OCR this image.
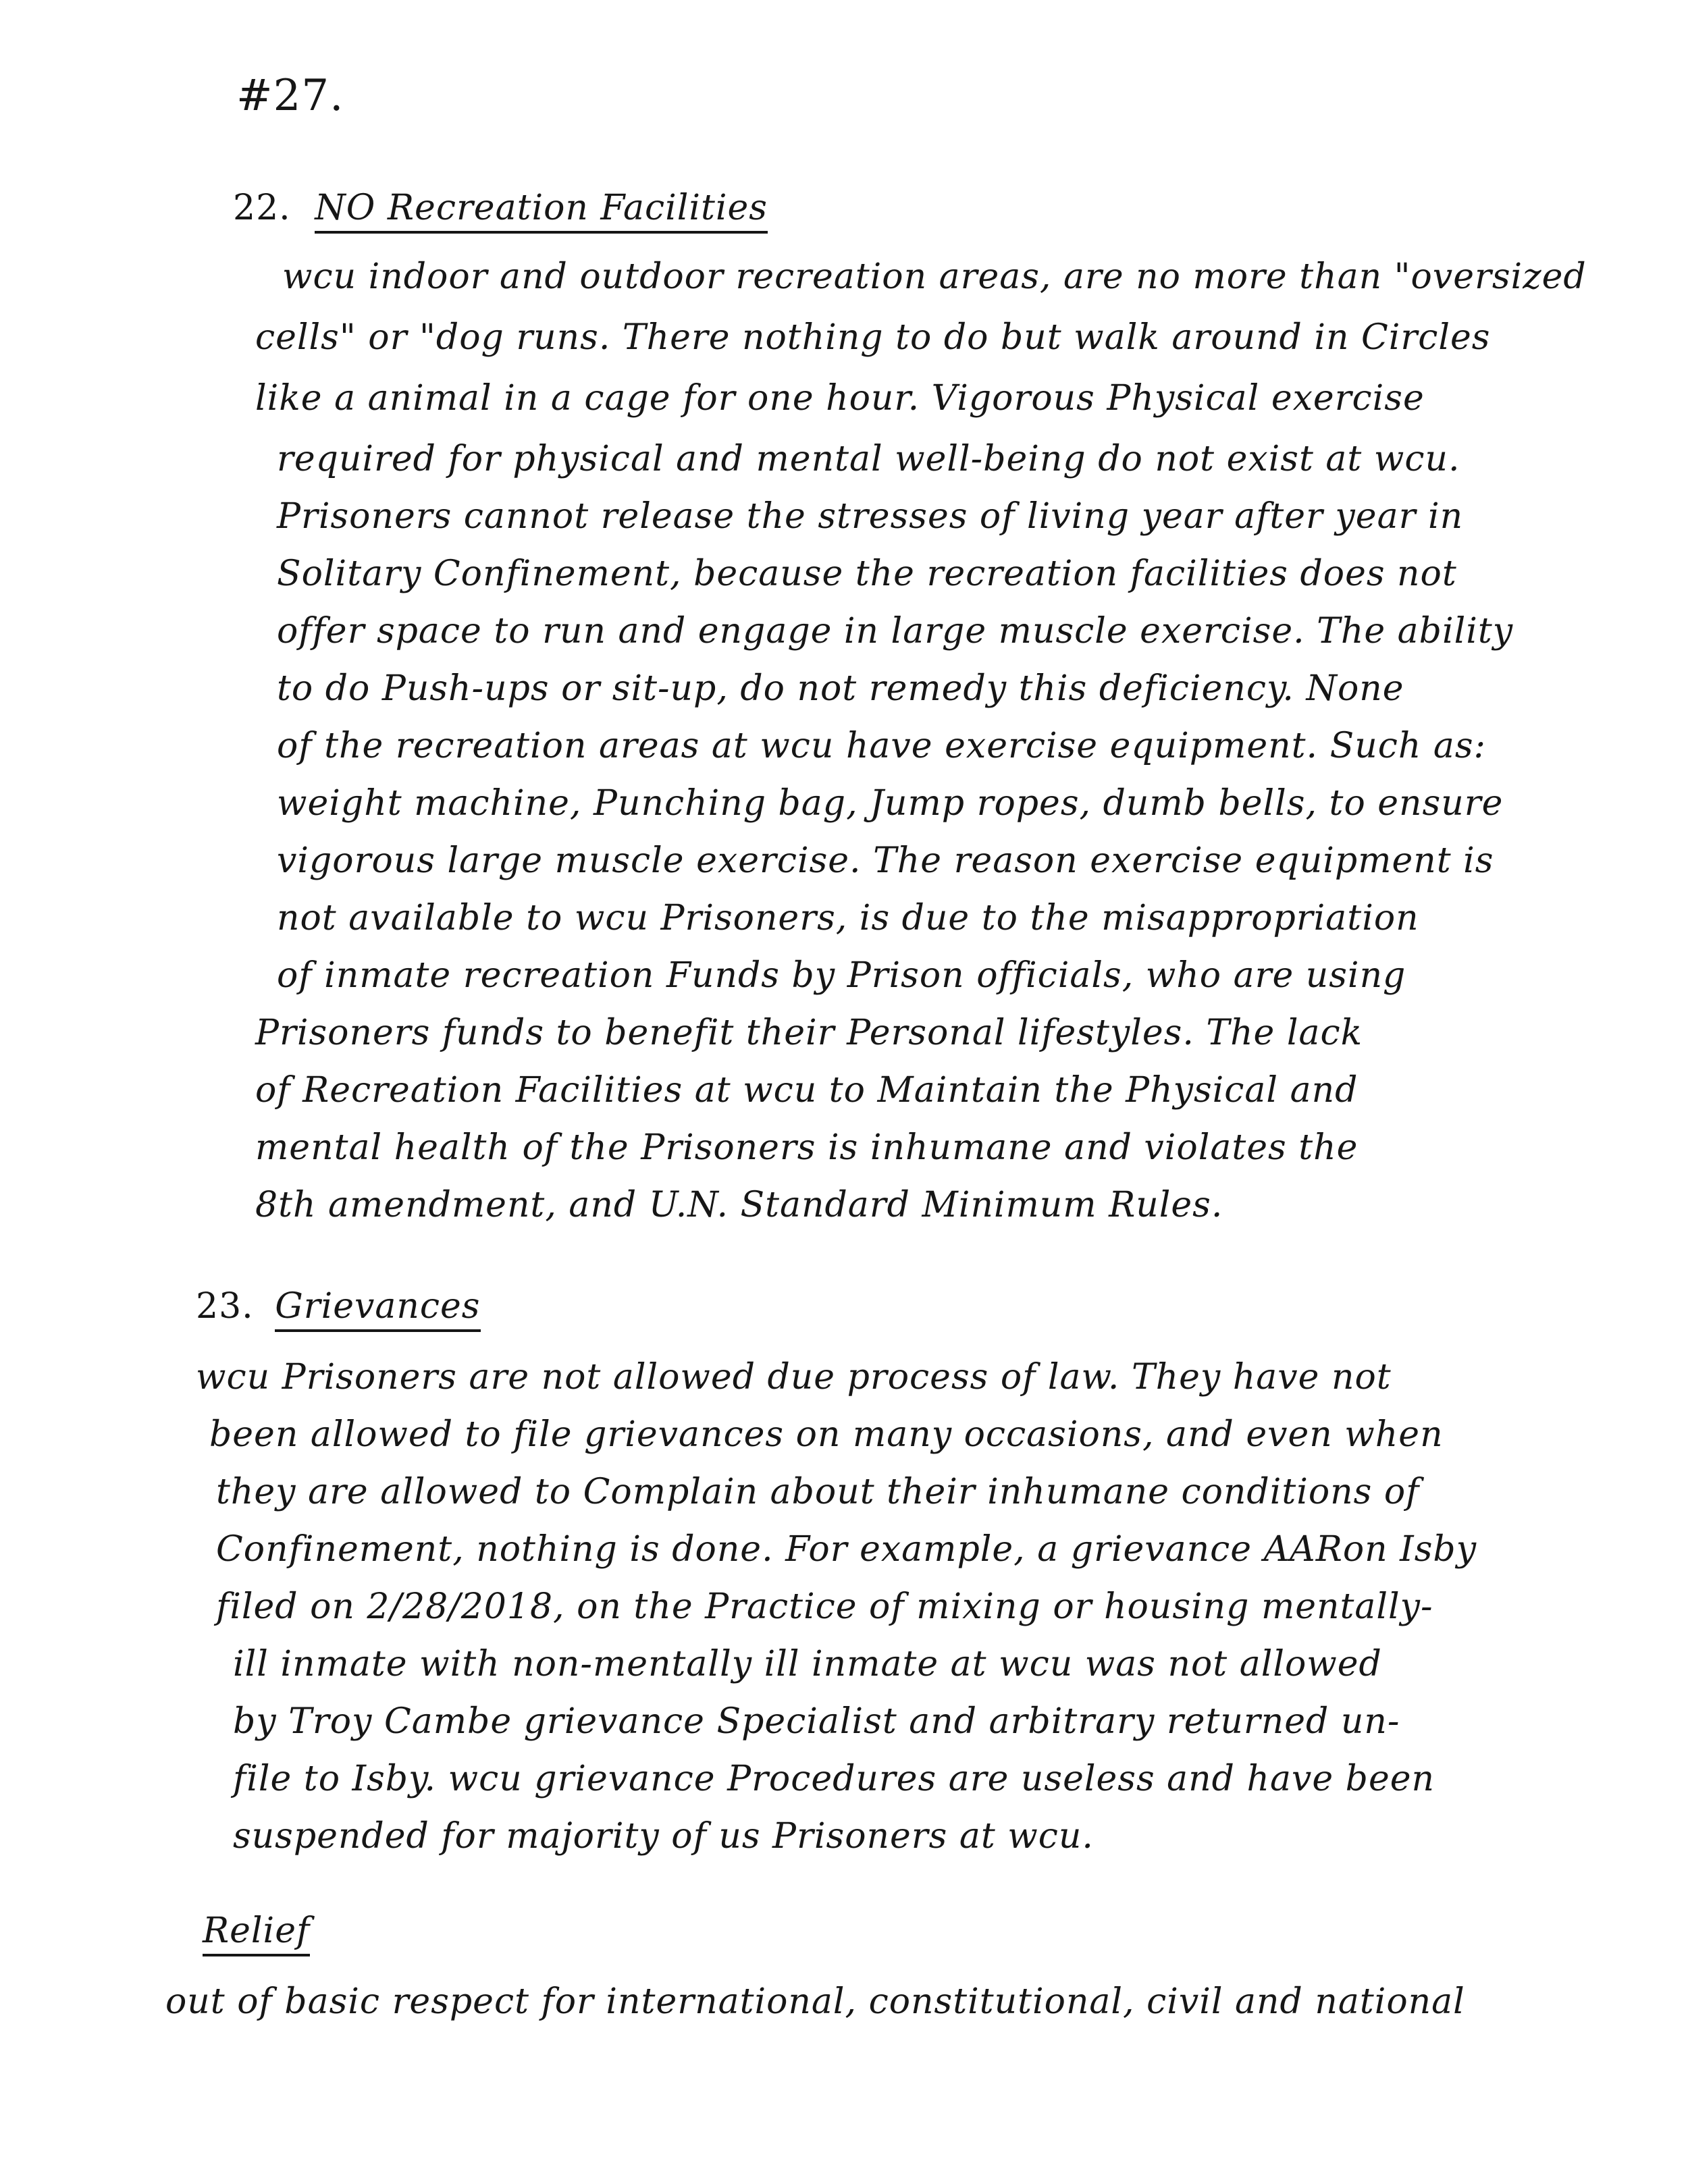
#27.
22. NO Recreation Facilities
wcu indoor and outdoor recreation areas, are no more than "oversized
cells" or "dog runs. There nothing to do but walk around in Circles
like a animal in a cage for one hour. Vigorous Physical exercise
required for physical and mental well-being do not exist at wcu.
Prisoners cannot release the stresses of living year after year in
Solitary Confinement, because the recreation facilities does not
offer space to run and engage in large muscle exercise. The ability
to do Push-ups or sit-up, do not remedy this deficiency. None
of the recreation areas at wcu have exercise equipment. Such as:
weight machine, Punching bag, Jump ropes, dumb bells, to ensure
vigorous large muscle exercise. The reason exercise equipment is
not available to wcu Prisoners, is due to the misappropriation
of inmate recreation Funds by Prison officials, who are using
Prisoners funds to benefit their Personal lifestyles. The lack
of Recreation Facilities at wcu to Maintain the Physical and
mental health of the Prisoners is inhumane and violates the
8th amendment, and U.N. Standard Minimum Rules.
23. Grievances
wcu Prisoners are not allowed due process of law. They have not
been allowed to file grievances on many occasions, and even when
they are allowed to Complain about their inhumane conditions of
Confinement, nothing is done. For example, a grievance AARon Isby
filed on 2/28/2018, on the Practice of mixing or housing mentally-
ill inmate with non-mentally ill inmate at wcu was not allowed
by Troy Cambe grievance Specialist and arbitrary returned un-
file to Isby. wcu grievance Procedures are useless and have been
suspended for majority of us Prisoners at wcu.
Relief
out of basic respect for international, constitutional, civil and national
